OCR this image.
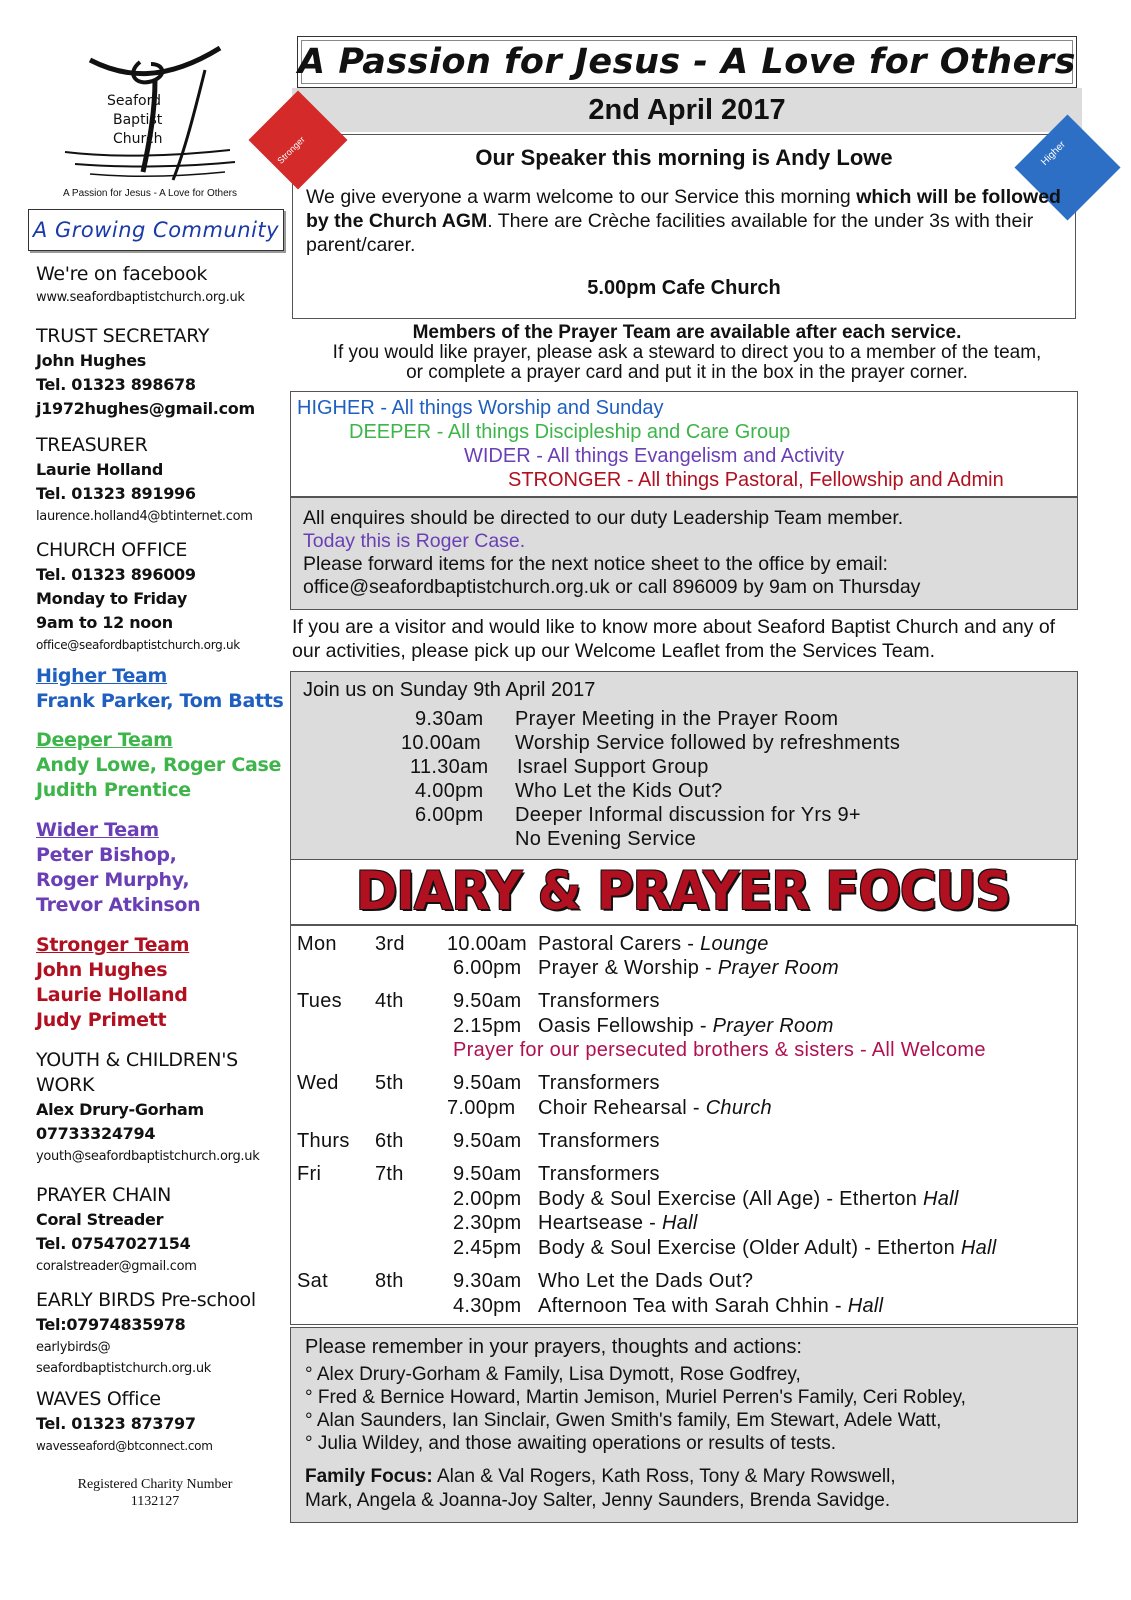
Seaford
Baptist
Church
A Passion for Jesus - A Love for Others
A Growing Community
We're on facebook
www.seafordbaptistchurch.org.uk
TRUST SECRETARY
John Hughes
Tel. 01323 898678
j1972hughes@gmail.com
TREASURER
Laurie Holland
Tel. 01323 891996
laurence.holland4@btinternet.com
CHURCH OFFICE
Tel. 01323 896009
Monday to Friday
9am to 12 noon
office@seafordbaptistchurch.org.uk
Higher Team
Frank Parker, Tom Batts
Deeper Team
Andy Lowe, Roger Case
Judith Prentice
Wider Team
Peter Bishop,
Roger Murphy,
Trevor Atkinson
Stronger Team
John Hughes
Laurie Holland
Judy Primett
YOUTH & CHILDREN'S
WORK
Alex Drury-Gorham
07733324794
youth@seafordbaptistchurch.org.uk
PRAYER CHAIN
Coral Streader
Tel. 07547027154
coralstreader@gmail.com
EARLY BIRDS Pre-school
Tel:07974835978
earlybirds@
seafordbaptistchurch.org.uk
WAVES Office
Tel. 01323 873797
wavesseaford@btconnect.com
Registered Charity Number
1132127
A Passion for Jesus - A Love for Others
2nd April 2017
Stronger	Higher
Our Speaker this morning is Andy Lowe
We give everyone a warm welcome to our Service this morning which will be followed by the Church AGM. There are Crèche facilities available for the under 3s with their parent/carer.
5.00pm Cafe Church
Members of the Prayer Team are available after each service.
If you would like prayer, please ask a steward to direct you to a member of the team,
or complete a prayer card and put it in the box in the prayer corner.
HIGHER - All things Worship and Sunday
DEEPER - All things Discipleship and Care Group
WIDER - All things Evangelism and Activity
STRONGER - All things Pastoral, Fellowship and Admin
All enquires should be directed to our duty Leadership Team member.
Today this is Roger Case.
Please forward items for the next notice sheet to the office by email:
office@seafordbaptistchurch.org.uk or call 896009 by 9am on Thursday
If you are a visitor and would like to know more about Seaford Baptist Church and any of our activities, please pick up our Welcome Leaflet from the Services Team.
Join us on Sunday 9th April 2017
9.30am Prayer Meeting in the Prayer Room
10.00am Worship Service followed by refreshments
11.30am Israel Support Group
4.00pm Who Let the Kids Out?
6.00pm Deeper Informal discussion for Yrs 9+
No Evening Service
DIARY & PRAYER FOCUS
Mon 3rd 10.00am Pastoral Carers - Lounge
6.00pm Prayer & Worship - Prayer Room
Tues 4th 9.50am Transformers
2.15pm Oasis Fellowship - Prayer Room
Prayer for our persecuted brothers & sisters - All Welcome
Wed 5th 9.50am Transformers
7.00pm Choir Rehearsal - Church
Thurs 6th 9.50am Transformers
Fri	7th 9.50am Transformers
2.00pm Body & Soul Exercise (All Age) - Etherton Hall
2.30pm Heartsease - Hall
2.45pm Body & Soul Exercise (Older Adult) - Etherton Hall
Sat 8th 9.30am Who Let the Dads Out?
4.30pm Afternoon Tea with Sarah Chhin - Hall
Please remember in your prayers, thoughts and actions:
° Alex Drury-Gorham & Family, Lisa Dymott, Rose Godfrey,
° Fred & Bernice Howard, Martin Jemison, Muriel Perren's Family, Ceri Robley,
° Alan Saunders, Ian Sinclair, Gwen Smith's family, Em Stewart, Adele Watt,
° Julia Wildey, and those awaiting operations or results of tests.
Family Focus: Alan & Val Rogers, Kath Ross, Tony & Mary Rowswell,
Mark, Angela & Joanna-Joy Salter, Jenny Saunders, Brenda Savidge.
